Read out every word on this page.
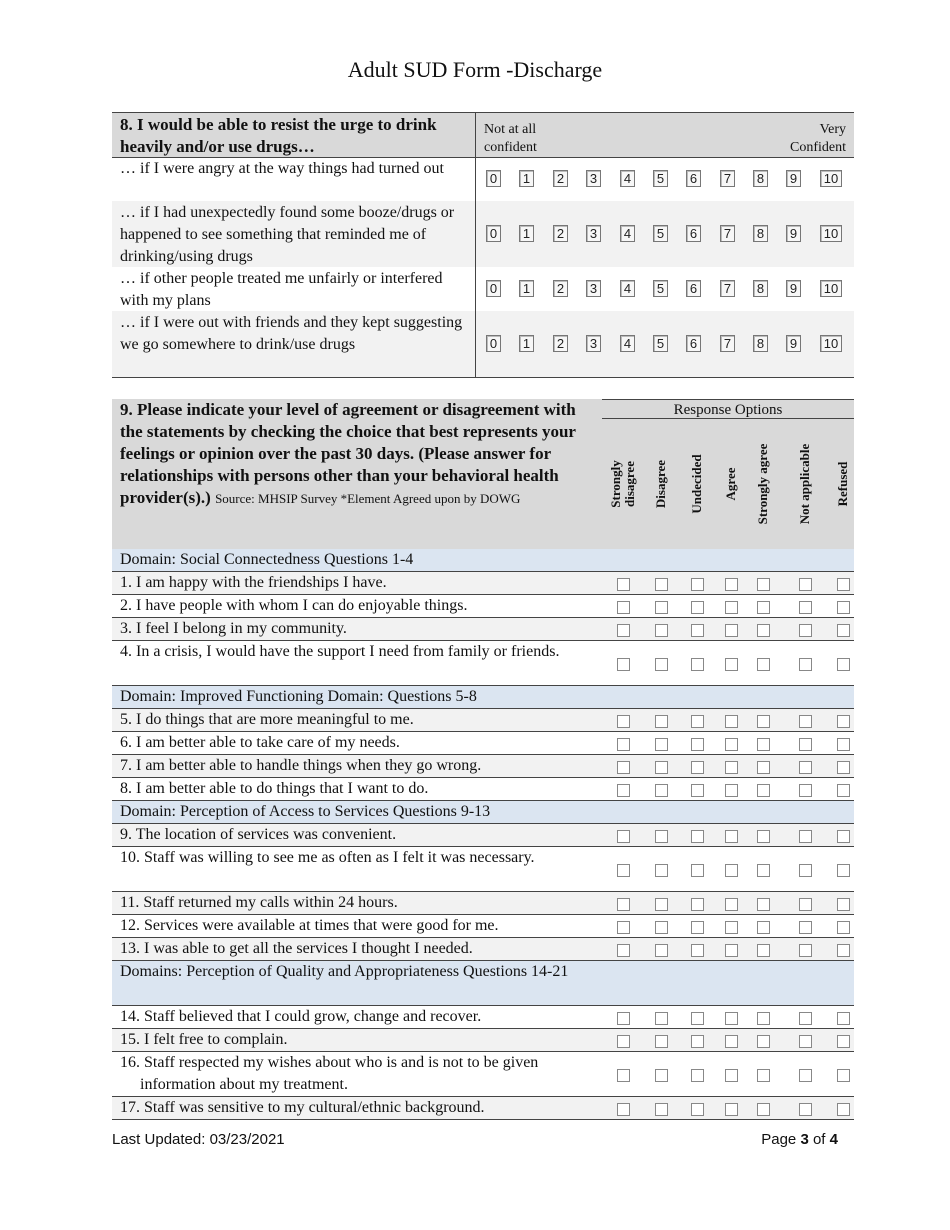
Adult SUD Form -Discharge
8. I would be able to resist the urge to drink heavily and/or use drugs…
Not at all confident
Very Confident
… if I were angry at the way things had turned out
0 1 2 3 4 5 6 7 8 9 10
… if I had unexpectedly found some booze/drugs or happened to see something that reminded me of drinking/using drugs
0 1 2 3 4 5 6 7 8 9 10
… if other people treated me unfairly or interfered with my plans
0 1 2 3 4 5 6 7 8 9 10
… if I were out with friends and they kept suggesting we go somewhere to drink/use drugs	0 1 2 3 4 5 6 7 8 9 10
9. Please indicate your level of agreement or disagreement with the statements by checking the choice that best represents your feelings or opinion over the past 30 days. (Please answer for relationships with persons other than your behavioral health provider(s).) Source: MHSIP Survey *Element Agreed upon by DOWG
Response Options
Strongly
disagree Disagree Undecided Agree Strongly agree Not applicable Refused
Domain: Social Connectedness Questions 1-4
1. I am happy with the friendships I have.
2. I have people with whom I can do enjoyable things.
3. I feel I belong in my community.
4. In a crisis, I would have the support I need from family or friends.
Domain: Improved Functioning Domain: Questions 5-8
5. I do things that are more meaningful to me.
6. I am better able to take care of my needs.
7. I am better able to handle things when they go wrong.
8. I am better able to do things that I want to do.
Domain: Perception of Access to Services Questions 9-13
9. The location of services was convenient.
10. Staff was willing to see me as often as I felt it was necessary.
11. Staff returned my calls within 24 hours.
12. Services were available at times that were good for me.
13. I was able to get all the services I thought I needed.
Domains: Perception of Quality and Appropriateness Questions 14-21
14. Staff believed that I could grow, change and recover.
15. I felt free to complain.
16. Staff respected my wishes about who is and is not to be given information about my treatment.
17. Staff was sensitive to my cultural/ethnic background.
Last Updated: 03/23/2021	Page 3 of 4
